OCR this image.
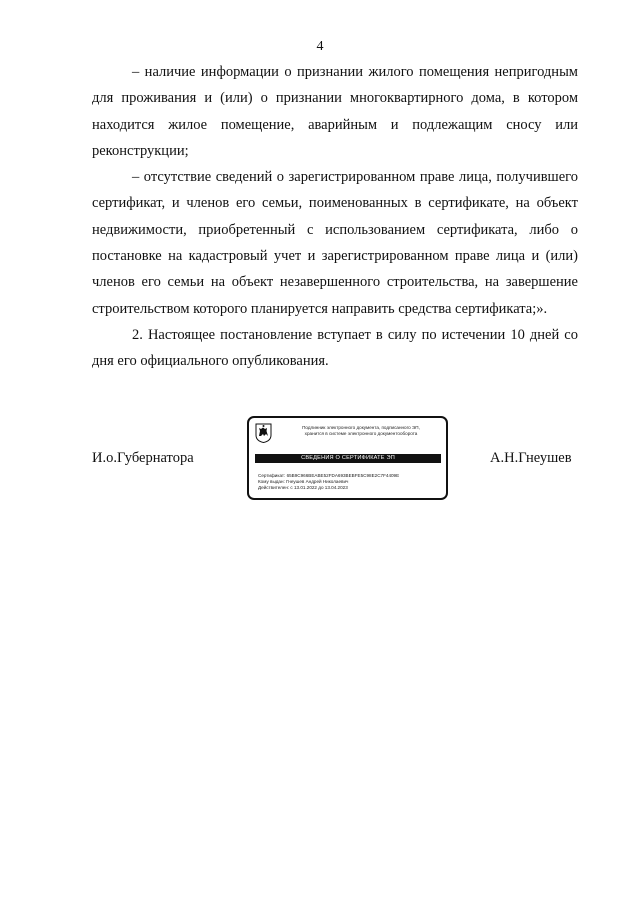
4

– наличие информации о признании жилого помещения непригодным для проживания и (или) о признании многоквартирного дома, в котором находится жилое помещение, аварийным и подлежащим сносу или реконструкции;

– отсутствие сведений о зарегистрированном праве лица, получившего сертификат, и членов его семьи, поименованных в сертификате, на объект недвижимости, приобретенный с использованием сертификата, либо о постановке на кадастровый учет и зарегистрированном праве лица и (или) членов его семьи на объект незавершенного строительства, на завершение строительством которого планируется направить средства сертификата;».

2. Настоящее постановление вступает в силу по истечении 10 дней со дня его официального опубликования.

И.о.Губернатора
Подлинник электронного документа, подписанного ЭП,
хранится в системе электронного документооборота
СВЕДЕНИЯ О СЕРТИФИКАТЕ ЭП
Сертификат: 65B9C966BEABE52FDA693BEBFE5C98E2C7F4409E
Кому выдан: Гнеушев Андрей Николаевич
Действителен: с 13.01.2022 до 13.04.2023
А.Н.Гнеушев
